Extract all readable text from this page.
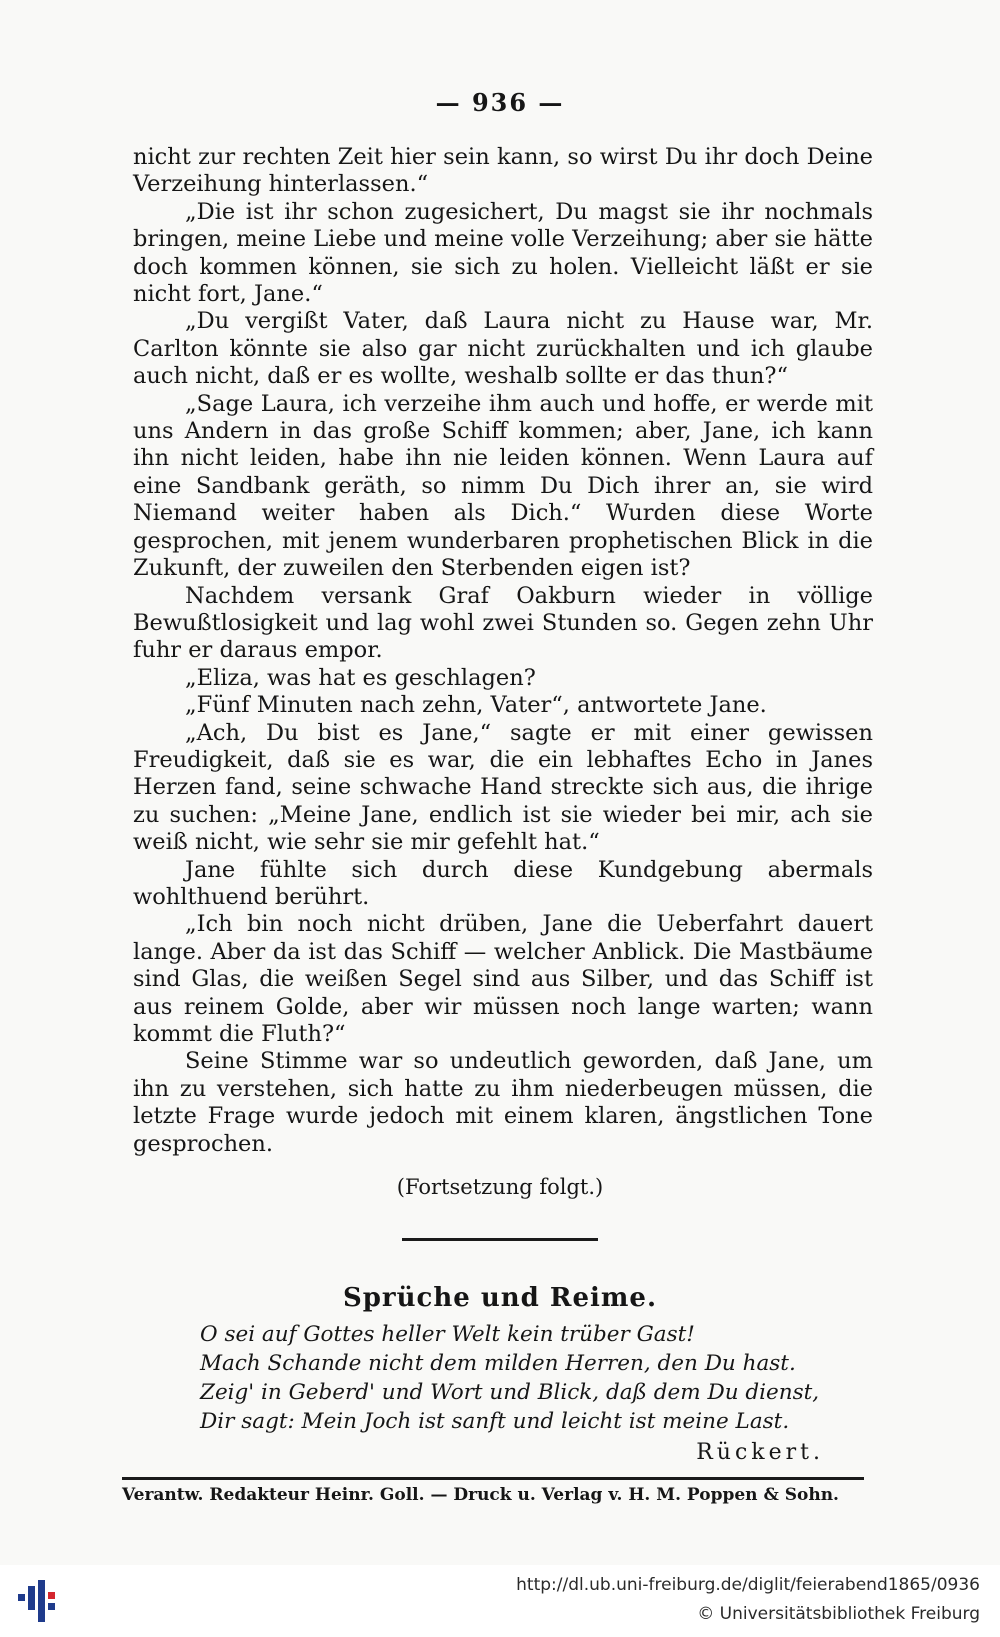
— 936 —

nicht zur rechten Zeit hier sein kann, so wirst Du ihr doch Deine Verzeihung hinterlassen.“

„Die ist ihr schon zugesichert, Du magst sie ihr nochmals bringen, meine Liebe und meine volle Verzeihung; aber sie hätte doch kommen können, sie sich zu holen. Vielleicht läßt er sie nicht fort, Jane.“

„Du vergißt Vater, daß Laura nicht zu Hause war, Mr. Carlton könnte sie also gar nicht zurückhalten und ich glaube auch nicht, daß er es wollte, weshalb sollte er das thun?“

„Sage Laura, ich verzeihe ihm auch und hoffe, er werde mit uns Andern in das große Schiff kommen; aber, Jane, ich kann ihn nicht leiden, habe ihn nie leiden können. Wenn Laura auf eine Sandbank geräth, so nimm Du Dich ihrer an, sie wird Niemand weiter haben als Dich.“ Wurden diese Worte gesprochen, mit jenem wunderbaren prophetischen Blick in die Zukunft, der zuweilen den Sterbenden eigen ist?

Nachdem versank Graf Oakburn wieder in völlige Bewußtlosigkeit und lag wohl zwei Stunden so. Gegen zehn Uhr fuhr er daraus empor.

„Eliza, was hat es geschlagen?

„Fünf Minuten nach zehn, Vater“, antwortete Jane.

„Ach, Du bist es Jane,“ sagte er mit einer gewissen Freudigkeit, daß sie es war, die ein lebhaftes Echo in Janes Herzen fand, seine schwache Hand streckte sich aus, die ihrige zu suchen: „Meine Jane, endlich ist sie wieder bei mir, ach sie weiß nicht, wie sehr sie mir gefehlt hat.“

Jane fühlte sich durch diese Kundgebung abermals wohlthuend berührt.

„Ich bin noch nicht drüben, Jane die Ueberfahrt dauert lange. Aber da ist das Schiff — welcher Anblick. Die Mastbäume sind Glas, die weißen Segel sind aus Silber, und das Schiff ist aus reinem Golde, aber wir müssen noch lange warten; wann kommt die Fluth?“

Seine Stimme war so undeutlich geworden, daß Jane, um ihn zu verstehen, sich hatte zu ihm niederbeugen müssen, die letzte Frage wurde jedoch mit einem klaren, ängstlichen Tone gesprochen.

(Fortsetzung folgt.)
Sprüche und Reime.
O sei auf Gottes heller Welt kein trüber Gast!
Mach Schande nicht dem milden Herren, den Du hast.
Zeig' in Geberd' und Wort und Blick, daß dem Du dienst,
Dir sagt: Mein Joch ist sanft und leicht ist meine Last.
Rückert.
Verantw. Redakteur Heinr. Goll. — Druck u. Verlag v. H. M. Poppen & Sohn.
http://dl.ub.uni-freiburg.de/diglit/feierabend1865/0936
© Universitätsbibliothek Freiburg
